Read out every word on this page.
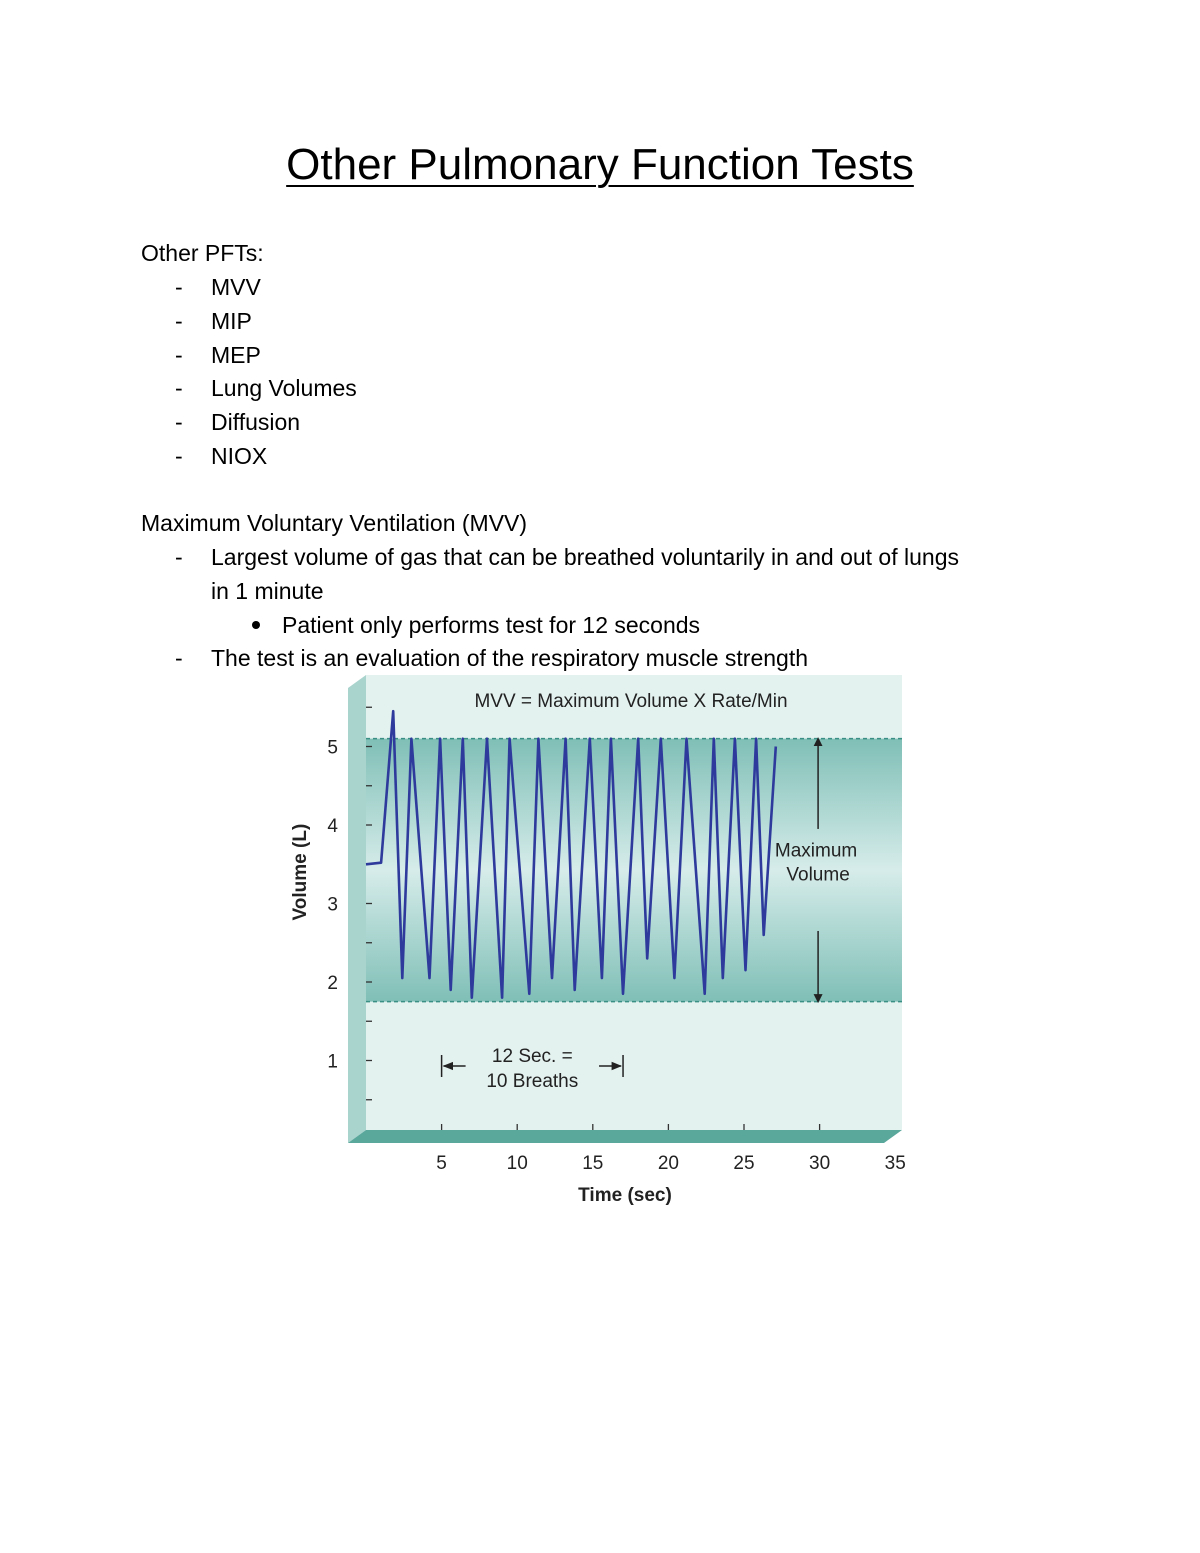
Other Pulmonary Function Tests
Other PFTs:
- MVV
- MIP
- MEP
- Lung Volumes
- Diffusion
- NIOX
Maximum Voluntary Ventilation (MVV)
- Largest volume of gas that can be breathed voluntarily in and out of lungs
in 1 minute
Patient only performs test for 12 seconds
- The test is an evaluation of the respiratory muscle strength
1
2
3
4
5
5	10	15	20	25	30	35
MVV = Maximum Volume X Rate/Min
Volume (L)
Time (sec)
Maximum
Volume
12 Sec. =
10 Breaths
